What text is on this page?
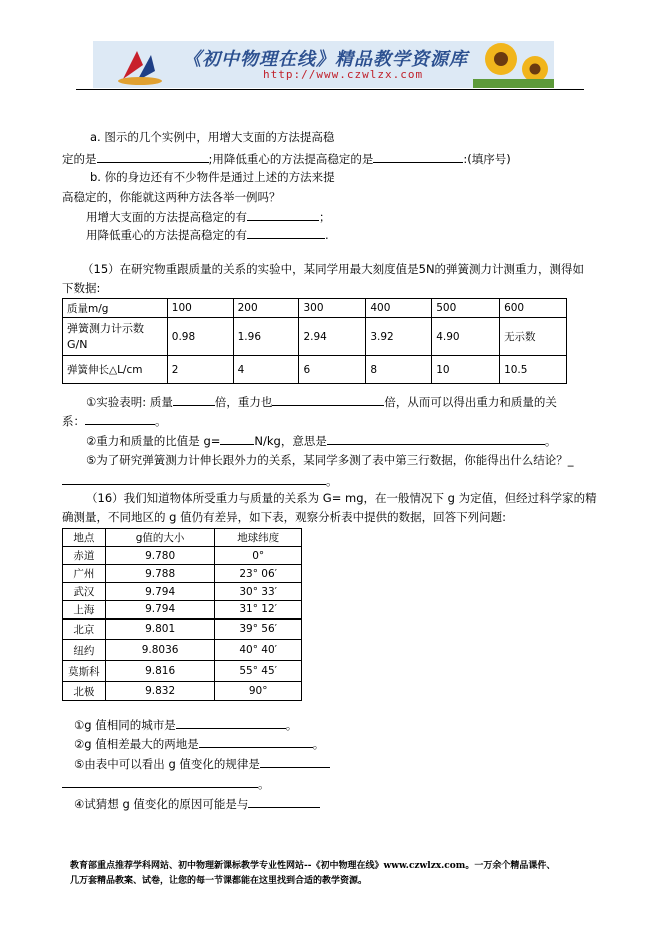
《初中物理在线》精品教学资源库
http://www.czwlzx.com
a. 图示的几个实例中，用增大支面的方法提高稳
定的是	;用降低重心的方法提高稳定的是	:(填序号)
b. 你的身边还有不少物件是通过上述的方法来提
高稳定的，你能就这两种方法各举一例吗？
用增大支面的方法提高稳定的有	；
用降低重心的方法提高稳定的有	.
（15）在研究物重跟质量的关系的实验中，某同学用最大刻度值是5N的弹簧测力计测重力，测得如
下数据:
质量m/g	100	200	300	400	500	600
弹簧测力计示数G/N	0.98	1.96	2.94	3.92	4.90	无示数
弹簧伸长△L/cm	2	4	6	8	10	10.5
①实验表明: 质量	倍，重力也	倍，从而可以得出重力和质量的关
系：	。
②重力和质量的比值是 g=	N/kg，意思是	。
⑤为了研究弹簧测力计伸长跟外力的关系，某同学多测了表中第三行数据，你能得出什么结论？_
。
（16）我们知道物体所受重力与质量的关系为 G= mg，在一般情况下 g 为定值，但经过科学家的精
确测量，不同地区的 g 值仍有差异，如下表，观察分析表中提供的数据，回答下列问题:
地点	g值的大小	地球纬度
赤道	9.780	0°
广州	9.788	23° 06′
武汉	9.794	30° 33′
上海	9.794	31° 12′
北京	9.801	39° 56′
纽约	9.8036	40° 40′
莫斯科	9.816	55° 45′
北极	9.832	90°
①g 值相同的城市是	。
②g 值相差最大的两地是	。
⑤由表中可以看出 g 值变化的规律是
。
④试猜想 g 值变化的原因可能是与
教育部重点推荐学科网站、初中物理新课标教学专业性网站--《初中物理在线》www.czwlzx.com。一万余个精品课件、
几万套精品教案、试卷，让您的每一节课都能在这里找到合适的教学资源。
